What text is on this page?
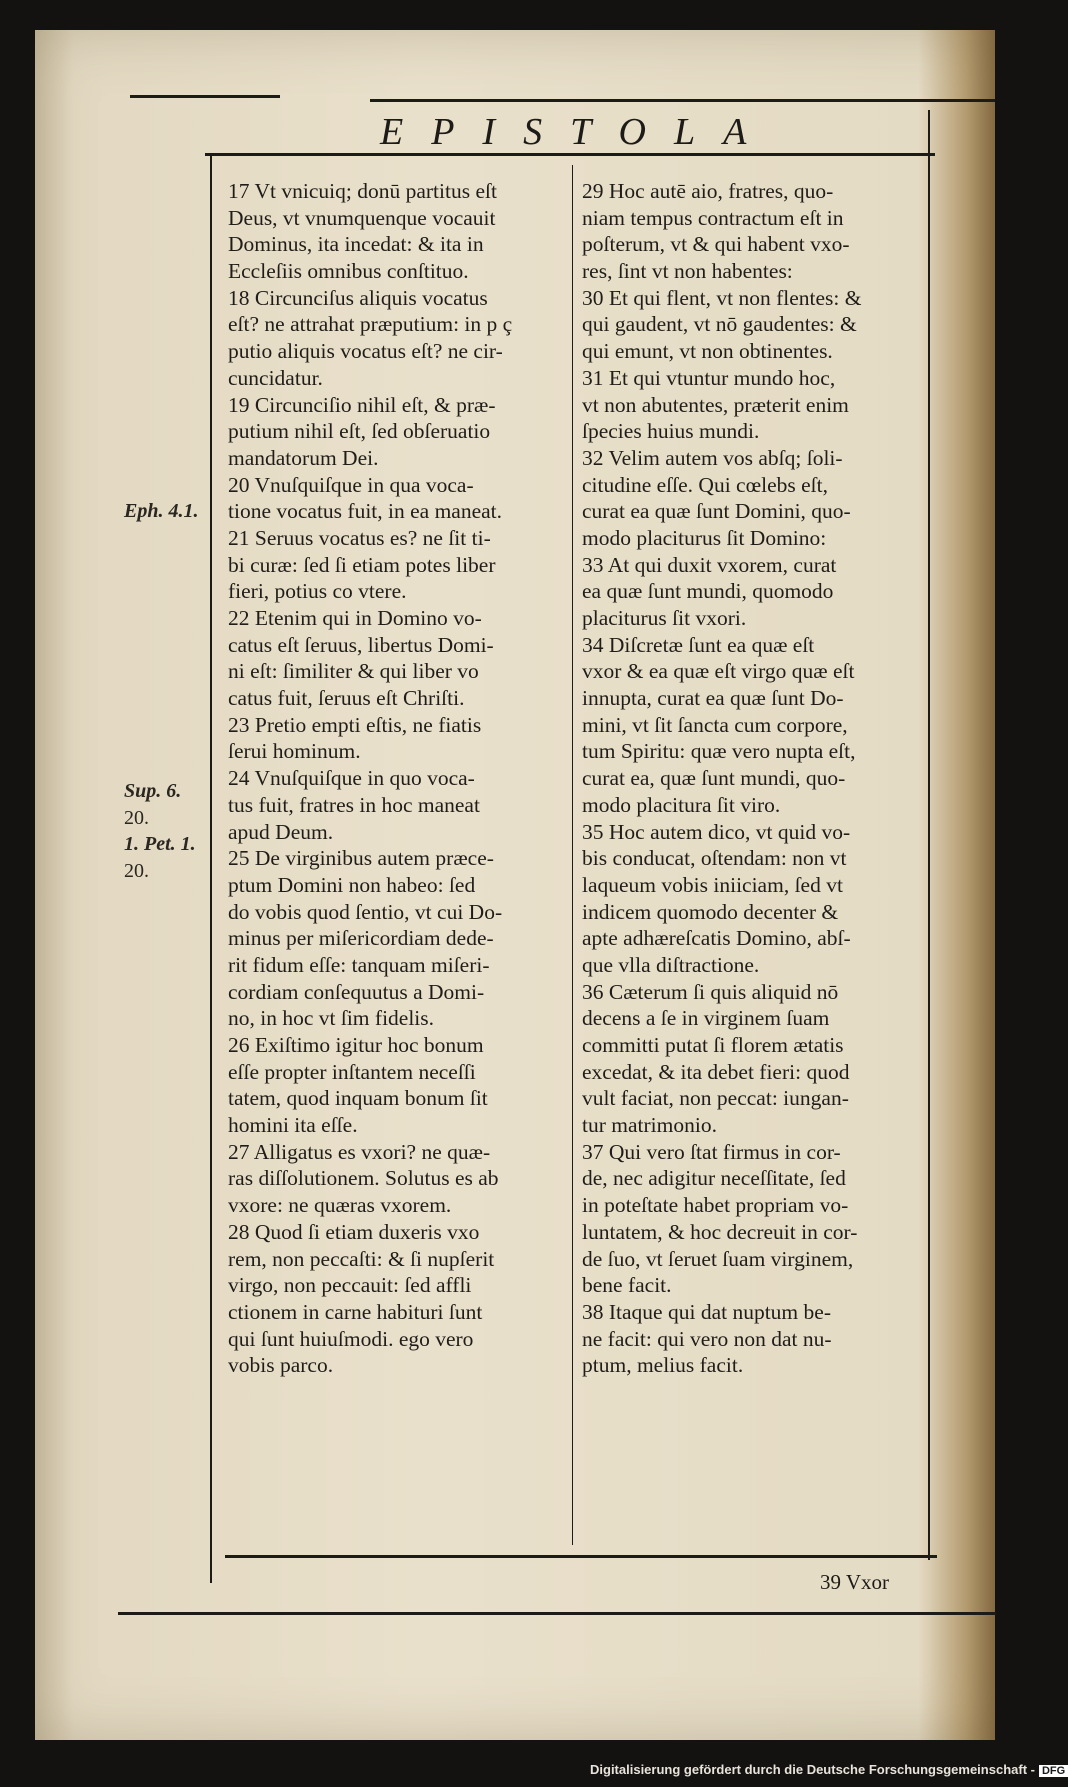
EPISTOLA
Eph. 4.1.
Sup. 6.
20.
1. Pet. 1.
20.
17 Vt vnicuiq; donū partitus eſt
Deus, vt vnumquenque vocauit
Dominus, ita incedat: & ita in
Eccleſiis omnibus conſtituo.
18 Circunciſus aliquis vocatus
eſt? ne attrahat præputium: in p ç
putio aliquis vocatus eſt? ne cir-
cuncidatur.
19 Circunciſio nihil eſt, & præ-
putium nihil eſt, ſed obſeruatio
mandatorum Dei.
20 Vnuſquiſque in qua voca-
tione vocatus fuit, in ea maneat.
21 Seruus vocatus es? ne ſit ti-
bi curæ: ſed ſi etiam potes liber
fieri, potius co vtere.
22 Etenim qui in Domino vo-
catus eſt ſeruus, libertus Domi-
ni eſt: ſimiliter & qui liber vo
catus fuit, ſeruus eſt Chriſti.
23 Pretio empti eſtis, ne fiatis
ſerui hominum.
24 Vnuſquiſque in quo voca-
tus fuit, fratres in hoc maneat
apud Deum.
25 De virginibus autem præce-
ptum Domini non habeo: ſed
do vobis quod ſentio, vt cui Do-
minus per miſericordiam dede-
rit fidum eſſe: tanquam miſeri-
cordiam conſequutus a Domi-
no, in hoc vt ſim fidelis.
26 Exiſtimo igitur hoc bonum
eſſe propter inſtantem neceſſi
tatem, quod inquam bonum ſit
homini ita eſſe.
27 Alligatus es vxori? ne quæ-
ras diſſolutionem. Solutus es ab
vxore: ne quæras vxorem.
28 Quod ſi etiam duxeris vxo
rem, non peccaſti: & ſi nupſerit
virgo, non peccauit: ſed affli
ctionem in carne habituri ſunt
qui ſunt huiuſmodi. ego vero
vobis parco.
29 Hoc autē aio, fratres, quo-
niam tempus contractum eſt in
poſterum, vt & qui habent vxo-
res, ſint vt non habentes:
30 Et qui flent, vt non flentes: &
qui gaudent, vt nō gaudentes: &
qui emunt, vt non obtinentes.
31 Et qui vtuntur mundo hoc,
vt non abutentes, præterit enim
ſpecies huius mundi.
32 Velim autem vos abſq; ſoli-
citudine eſſe. Qui cœlebs eſt,
curat ea quæ ſunt Domini, quo-
modo placiturus ſit Domino:
33 At qui duxit vxorem, curat
ea quæ ſunt mundi, quomodo
placiturus ſit vxori.
34 Diſcretæ ſunt ea quæ eſt
vxor & ea quæ eſt virgo quæ eſt
innupta, curat ea quæ ſunt Do-
mini, vt ſit ſancta cum corpore,
tum Spiritu: quæ vero nupta eſt,
curat ea, quæ ſunt mundi, quo-
modo placitura ſit viro.
35 Hoc autem dico, vt quid vo-
bis conducat, oſtendam: non vt
laqueum vobis iniiciam, ſed vt
indicem quomodo decenter &
apte adhæreſcatis Domino, abſ-
que vlla diſtractione.
36 Cæterum ſi quis aliquid nō
decens a ſe in virginem ſuam
committi putat ſi florem ætatis
excedat, & ita debet fieri: quod
vult faciat, non peccat: iungan-
tur matrimonio.
37 Qui vero ſtat firmus in cor-
de, nec adigitur neceſſitate, ſed
in poteſtate habet propriam vo-
luntatem, & hoc decreuit in cor-
de ſuo, vt ſeruet ſuam virginem,
bene facit.
38 Itaque qui dat nuptum be-
ne facit: qui vero non dat nu-
ptum, melius facit.
39 Vxor
Digitalisierung gefördert durch die Deutsche Forschungsgemeinschaft - DFG
